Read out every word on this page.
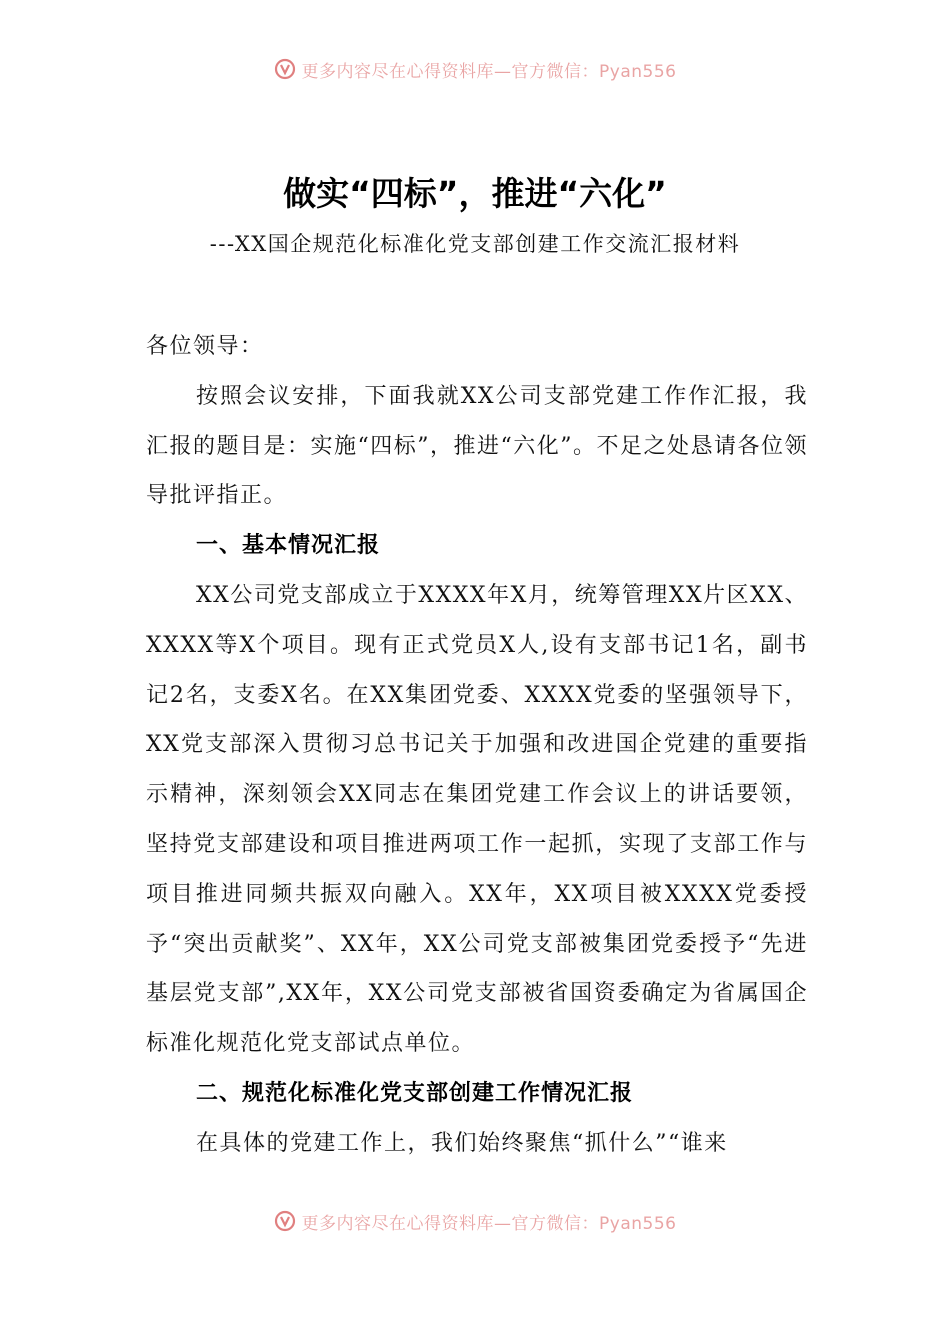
更多内容尽在心得资料库—官方微信：Pyan556
做实“四标”，推进“六化”
---XX国企规范化标准化党支部创建工作交流汇报材料

各位领导：

按照会议安排，下面我就XX公司支部党建工作作汇报，我汇报的题目是：实施“四标”，推进“六化”。不足之处恳请各位领导批评指正。

一、基本情况汇报

XX公司党支部成立于XXXX年X月，统筹管理XX片区XX、XXXX等X个项目。现有正式党员X人,设有支部书记1名，副书记2名，支委X名。在XX集团党委、XXXX党委的坚强领导下，XX党支部深入贯彻习总书记关于加强和改进国企党建的重要指示精神，深刻领会XX同志在集团党建工作会议上的讲话要领，坚持党支部建设和项目推进两项工作一起抓，实现了支部工作与项目推进同频共振双向融入。XX年，XX项目被XXXX党委授予“突出贡献奖”、XX年，XX公司党支部被集团党委授予“先进基层党支部”,XX年，XX公司党支部被省国资委确定为省属国企标准化规范化党支部试点单位。

二、规范化标准化党支部创建工作情况汇报

在具体的党建工作上，我们始终聚焦“抓什么”“谁来

更多内容尽在心得资料库—官方微信：Pyan556
